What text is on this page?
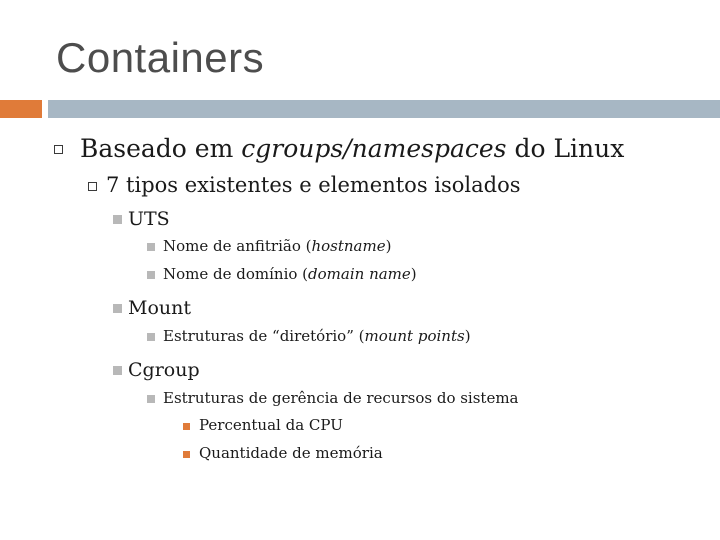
Containers
Baseado em cgroups/namespaces do Linux
7 tipos existentes e elementos isolados
UTS
Nome de anfitrião (hostname)
Nome de domínio (domain name)
Mount
Estruturas de “diretório” (mount points)
Cgroup
Estruturas de gerência de recursos do sistema
Percentual da CPU
Quantidade de memória
